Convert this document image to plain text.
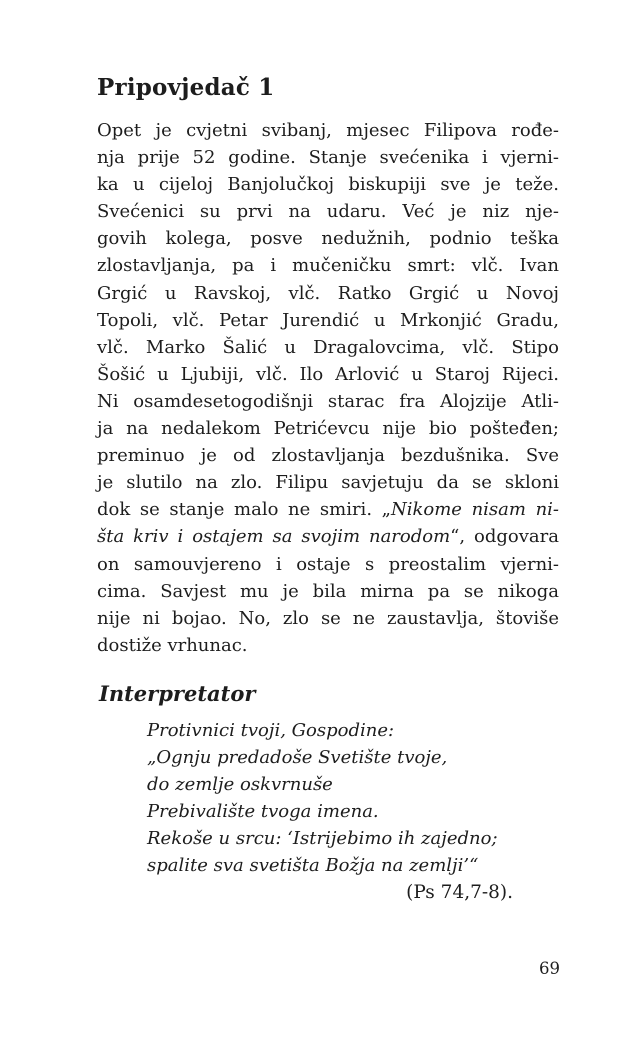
Pripovjedač 1
Opet je cvjetni svibanj, mjesec Filipova rođe-
nja prije 52 godine. Stanje svećenika i vjerni-
ka u cijeloj Banjolučkoj biskupiji sve je teže.
Svećenici su prvi na udaru. Već je niz nje-
govih kolega, posve nedužnih, podnio teška
zlostavljanja, pa i mučeničku smrt: vlč. Ivan
Grgić u Ravskoj, vlč. Ratko Grgić u Novoj
Topoli, vlč. Petar Jurendić u Mrkonjić Gradu,
vlč. Marko Šalić u Dragalovcima, vlč. Stipo
Šošić u Ljubiji, vlč. Ilo Arlović u Staroj Rijeci.
Ni osamdesetogodišnji starac fra Alojzije Atli-
ja na nedalekom Petrićevcu nije bio pošteđen;
preminuo je od zlostavljanja bezdušnika. Sve
je slutilo na zlo. Filipu savjetuju da se skloni
dok se stanje malo ne smiri. „Nikome nisam ni-
šta kriv i ostajem sa svojim narodom“, odgovara
on samouvjereno i ostaje s preostalim vjerni-
cima. Savjest mu je bila mirna pa se nikoga
nije ni bojao. No, zlo se ne zaustavlja, štoviše
dostiže vrhunac.
Interpretator
Protivnici tvoji, Gospodine:
„Ognju predadoše Svetište tvoje,
do zemlje oskvrnuše
Prebivalište tvoga imena.
Rekoše u srcu: ‘Istrijebimo ih zajedno;
spalite sva svetišta Božja na zemlji’“
(Ps 74,7-8).
69
